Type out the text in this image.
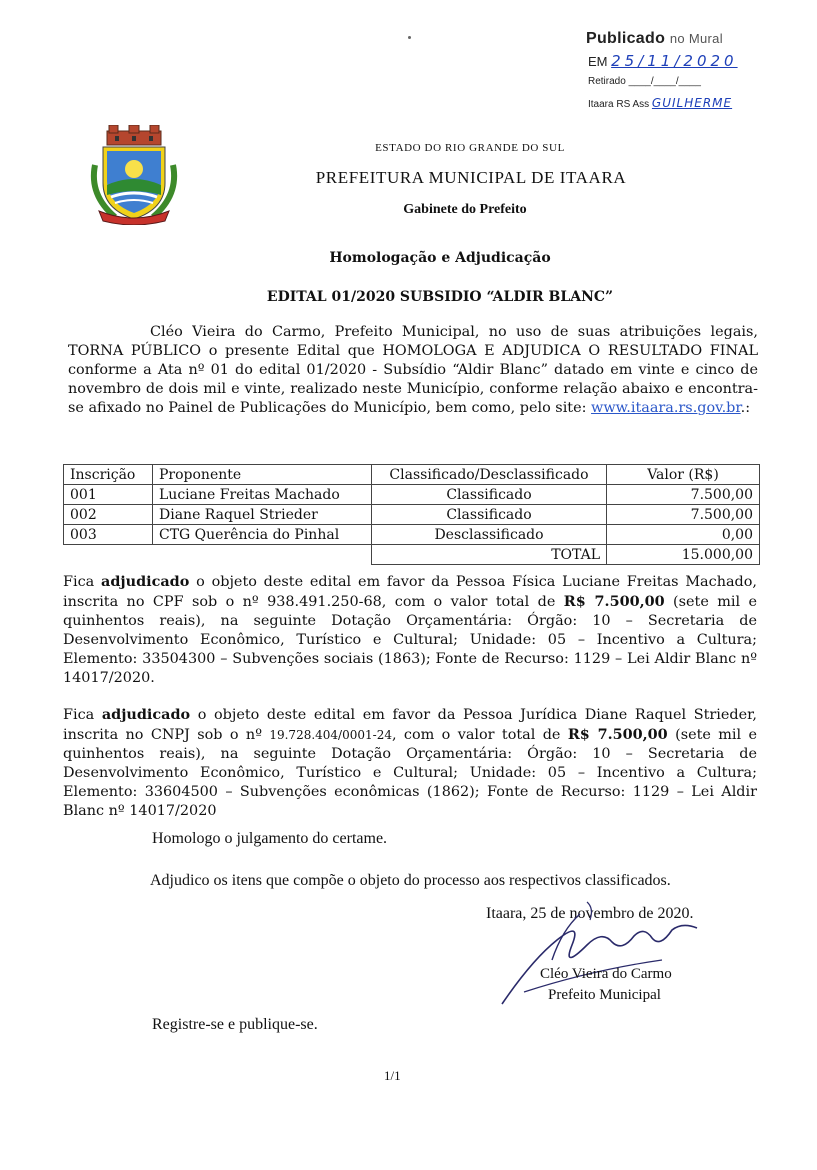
Publicado no Mural
EM 25/11/2020
Retirado ____/____/____
Itaara RS Ass GUILHERME
ESTADO DO RIO GRANDE DO SUL
PREFEITURA MUNICIPAL DE ITAARA
Gabinete do Prefeito
Homologação e Adjudicação
EDITAL 01/2020 SUBSIDIO “ALDIR BLANC”
Cléo Vieira do Carmo, Prefeito Municipal, no uso de suas atribuições legais, TORNA PÚBLICO o presente Edital que HOMOLOGA E ADJUDICA O RESULTADO FINAL conforme a Ata nº 01 do edital 01/2020 - Subsídio “Aldir Blanc” datado em vinte e cinco de novembro de dois mil e vinte, realizado neste Município, conforme relação abaixo e encontra-se afixado no Painel de Publicações do Município, bem como, pelo site: www.itaara.rs.gov.br.:
Inscrição	Proponente	Classificado/Desclassificado	Valor (R$)
001	Luciane Freitas Machado	Classificado	7.500,00
002	Diane Raquel Strieder	Classificado	7.500,00
003	CTG Querência do Pinhal	Desclassificado	0,00
		TOTAL	15.000,00
Fica adjudicado o objeto deste edital em favor da Pessoa Física Luciane Freitas Machado, inscrita no CPF sob o nº 938.491.250-68, com o valor total de R$ 7.500,00 (sete mil e quinhentos reais), na seguinte Dotação Orçamentária: Órgão: 10 – Secretaria de Desenvolvimento Econômico, Turístico e Cultural; Unidade: 05 – Incentivo a Cultura; Elemento: 33504300 – Subvenções sociais (1863); Fonte de Recurso: 1129 – Lei Aldir Blanc nº 14017/2020.
Fica adjudicado o objeto deste edital em favor da Pessoa Jurídica Diane Raquel Strieder, inscrita no CNPJ sob o nº 19.728.404/0001-24, com o valor total de R$ 7.500,00 (sete mil e quinhentos reais), na seguinte Dotação Orçamentária: Órgão: 10 – Secretaria de Desenvolvimento Econômico, Turístico e Cultural; Unidade: 05 – Incentivo a Cultura; Elemento: 33604500 – Subvenções econômicas (1862); Fonte de Recurso: 1129 – Lei Aldir Blanc nº 14017/2020
Homologo o julgamento do certame.
Adjudico os itens que compõe o objeto do processo aos respectivos classificados.
Itaara, 25 de novembro de 2020.
Cléo Vieira do Carmo
Prefeito Municipal
Registre-se e publique-se.
1/1
